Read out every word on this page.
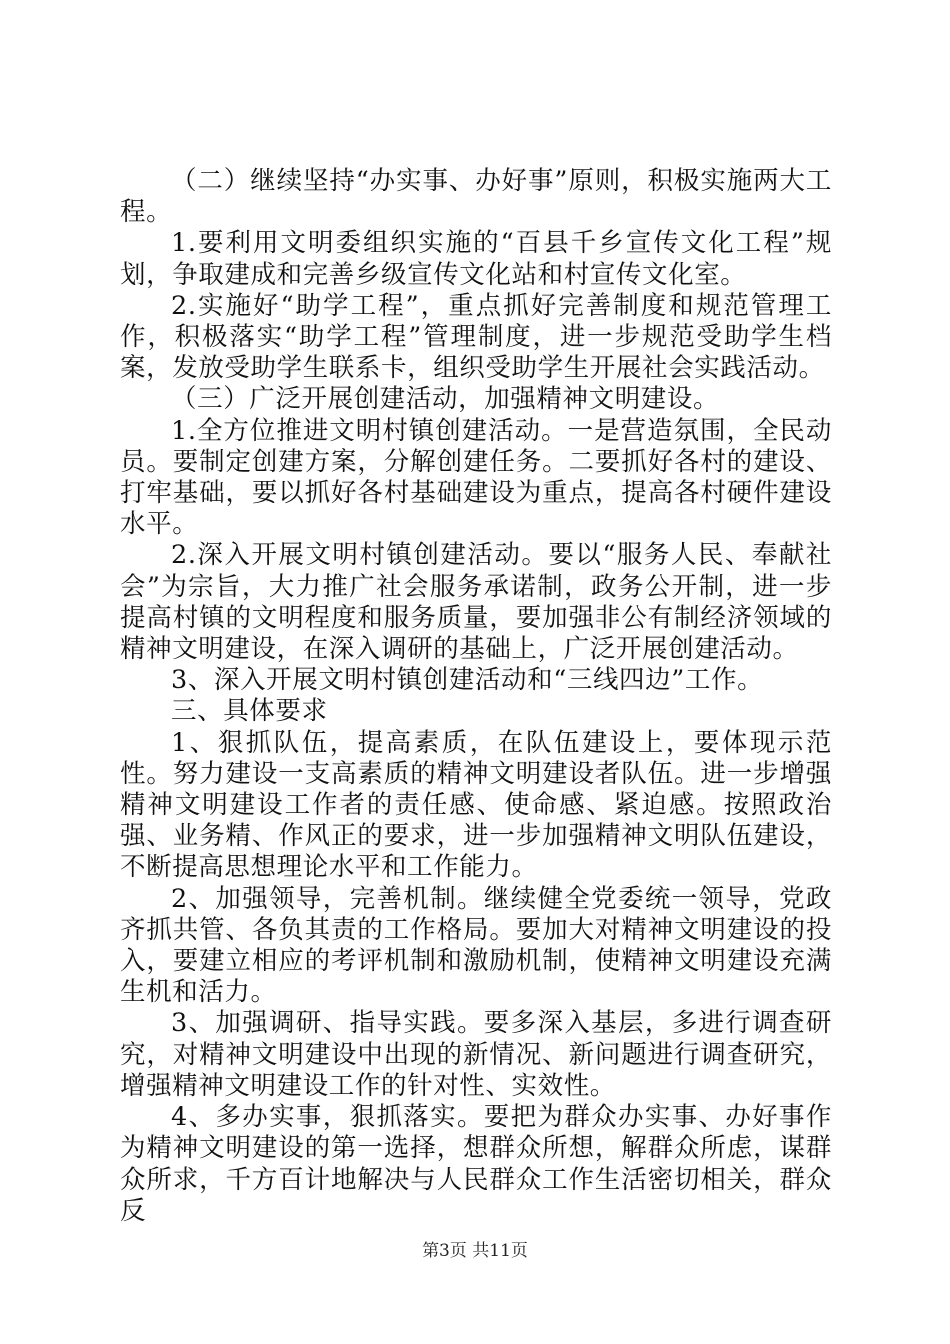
（二）继续坚持“办实事、办好事”原则，积极实施两大工程。

1.要利用文明委组织实施的“百县千乡宣传文化工程”规划，争取建成和完善乡级宣传文化站和村宣传文化室。

2.实施好“助学工程”，重点抓好完善制度和规范管理工作，积极落实“助学工程”管理制度，进一步规范受助学生档案，发放受助学生联系卡，组织受助学生开展社会实践活动。

（三）广泛开展创建活动，加强精神文明建设。

1.全方位推进文明村镇创建活动。一是营造氛围，全民动员。要制定创建方案，分解创建任务。二要抓好各村的建设、打牢基础，要以抓好各村基础建设为重点，提高各村硬件建设水平。

2.深入开展文明村镇创建活动。要以“服务人民、奉献社会”为宗旨，大力推广社会服务承诺制，政务公开制，进一步提高村镇的文明程度和服务质量，要加强非公有制经济领域的精神文明建设，在深入调研的基础上，广泛开展创建活动。

3、深入开展文明村镇创建活动和“三线四边”工作。

三、具体要求

1、狠抓队伍，提高素质，在队伍建设上，要体现示范性。努力建设一支高素质的精神文明建设者队伍。进一步增强精神文明建设工作者的责任感、使命感、紧迫感。按照政治强、业务精、作风正的要求，进一步加强精神文明队伍建设，不断提高思想理论水平和工作能力。

2、加强领导，完善机制。继续健全党委统一领导，党政齐抓共管、各负其责的工作格局。要加大对精神文明建设的投入，要建立相应的考评机制和激励机制，使精神文明建设充满生机和活力。

3、加强调研、指导实践。要多深入基层，多进行调查研究，对精神文明建设中出现的新情况、新问题进行调查研究，增强精神文明建设工作的针对性、实效性。

4、多办实事，狠抓落实。要把为群众办实事、办好事作为精神文明建设的第一选择，想群众所想，解群众所虑，谋群众所求，千方百计地解决与人民群众工作生活密切相关，群众反

第3页 共11页
